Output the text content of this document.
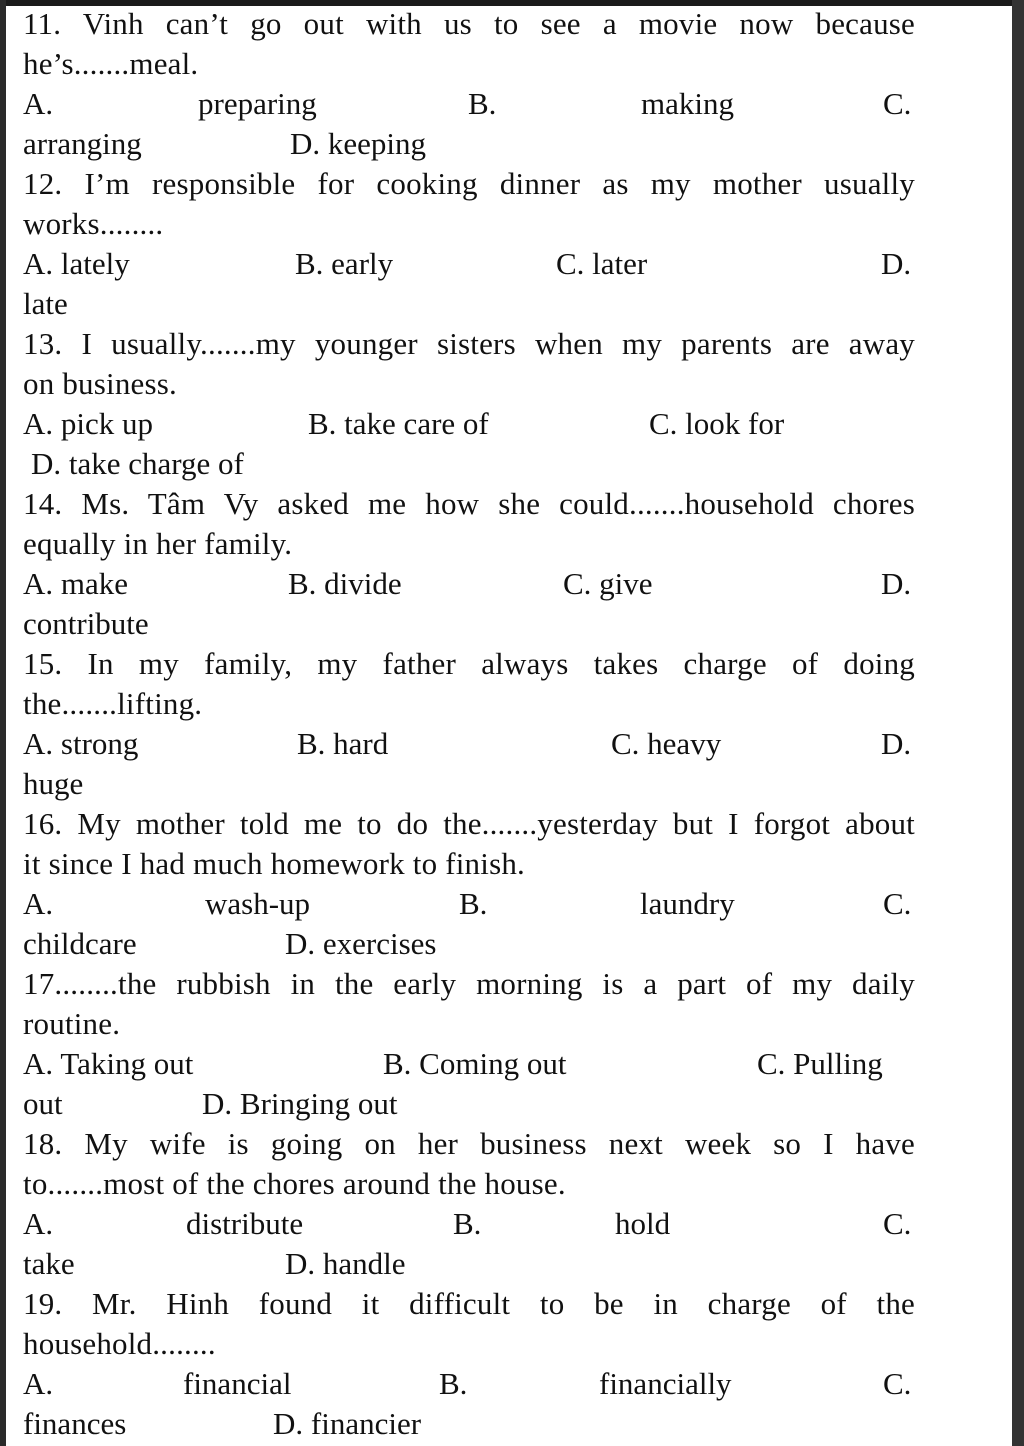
11. Vinh can’t go out with us to see a movie now because
he’s.......meal.
A.	preparing	B.	making	C.
arranging	D. keeping
12. I’m responsible for cooking dinner as my mother usually
works........
A. lately	B. early	C. later	D.
late
13. I usually.......my younger sisters when my parents are away
on business.
A. pick up	B. take care of	C. look for
D. take charge of
14. Ms. Tâm Vy asked me how she could.......household chores
equally in her family.
A. make	B. divide	C. give	D.
contribute
15. In my family, my father always takes charge of doing
the.......lifting.
A. strong	B. hard	C. heavy	D.
huge
16. My mother told me to do the.......yesterday but I forgot about
it since I had much homework to finish.
A.	wash-up	B.	laundry	C.
childcare	D. exercises
17........the rubbish in the early morning is a part of my daily
routine.
A. Taking out	B. Coming out	C. Pulling
out	D. Bringing out
18. My wife is going on her business next week so I have
to.......most of the chores around the house.
A.	distribute	B.	hold	C.
take	D. handle
19. Mr. Hinh found it difficult to be in charge of the
household........
A.	financial	B.	financially	C.
finances	D. financier
